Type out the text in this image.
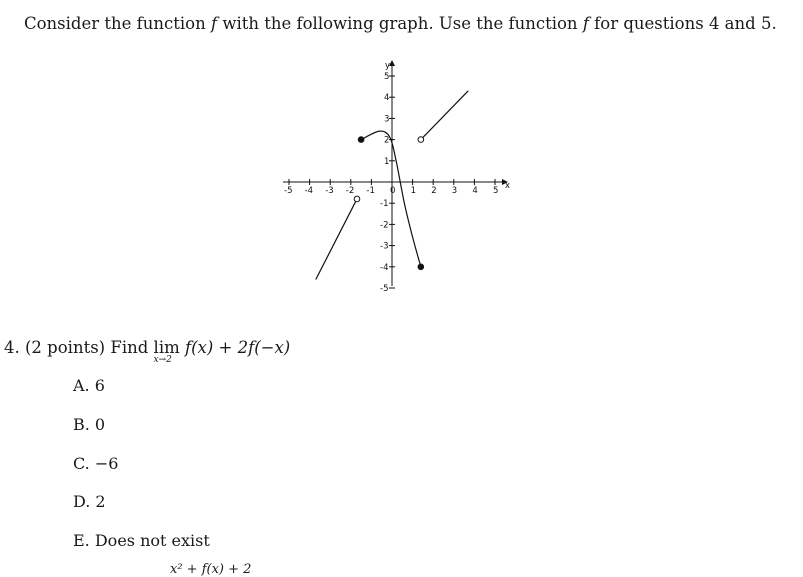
Consider the function f with the following graph. Use the function f for questions 4 and 5.
-5 -4 -3 -2 -1 0 1 2 3 4 5
5
4
3
2
1
-1
-2
-3
-4
-5
x
y
4. (2 points) Find lim
x→2
f(x) + 2f(−x)
A. 6
B. 0
C. −6
D. 2
E. Does not exist
x² + f(x) + 2
